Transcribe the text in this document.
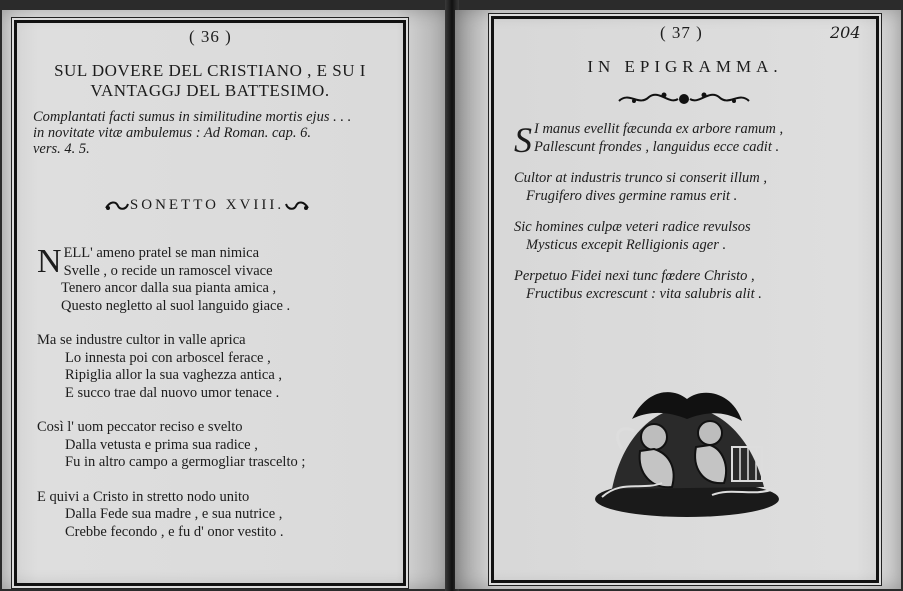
( 36 )
SUL DOVERE DEL CRISTIANO , E SU I
VANTAGGJ DEL BATTESIMO.
Complantati facti sumus in similitudine mortis ejus . . .
in novitate vitæ ambulemus : Ad Roman. cap. 6.
vers. 4. 5.
SONETTO XVIII.
N ELL' ameno pratel se man nimica
Svelle , o recide un ramoscel vivace
Tenero ancor dalla sua pianta amica ,
Questo negletto al suol languido giace .
Ma se industre cultor in valle aprica
Lo innesta poi con arboscel ferace ,
Ripiglia allor la sua vaghezza antica ,
E succo trae dal nuovo umor tenace .
Così l' uom peccator reciso e svelto
Dalla vetusta e prima sua radice ,
Fu in altro campo a germogliar trascelto ;
E quivi a Cristo in stretto nodo unito
Dalla Fede sua madre , e sua nutrice ,
Crebbe fecondo , e fu d' onor vestito .
( 37 )	204
IN EPIGRAMMA.
S I manus evellit fæcunda ex arbore ramum ,
Pallescunt frondes , languidus ecce cadit .
Cultor at industris trunco si conserit illum ,
Frugifero dives germine ramus erit .
Sic homines culpæ veteri radice revulsos
Mysticus excepit Relligionis ager .
Perpetuo Fidei nexi tunc fœdere Christo ,
Fructibus excrescunt : vita salubris alit .
